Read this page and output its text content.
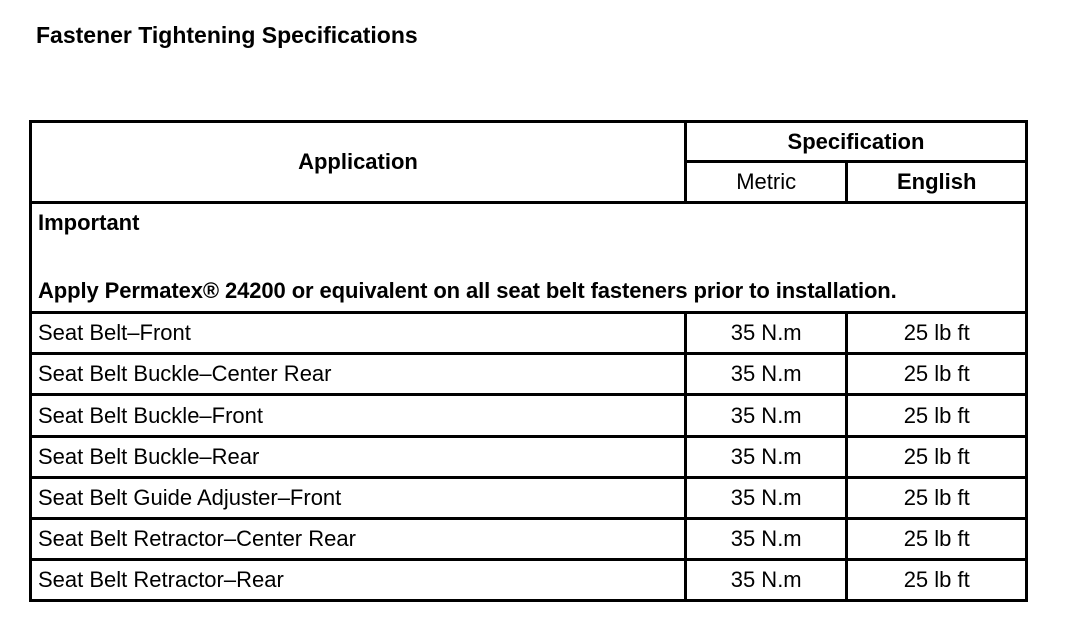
Fastener Tightening Specifications
Application	Specification	
	Metric	English

Important
Apply Permatex® 24200 or equivalent on all seat belt fasteners prior to installation.		

Seat Belt–Front	35 N.m	25 lb ft
Seat Belt Buckle–Center Rear	35 N.m	25 lb ft
Seat Belt Buckle–Front	35 N.m	25 lb ft
Seat Belt Buckle–Rear	35 N.m	25 lb ft
Seat Belt Guide Adjuster–Front	35 N.m	25 lb ft
Seat Belt Retractor–Center Rear	35 N.m	25 lb ft
Seat Belt Retractor–Rear	35 N.m	25 lb ft
